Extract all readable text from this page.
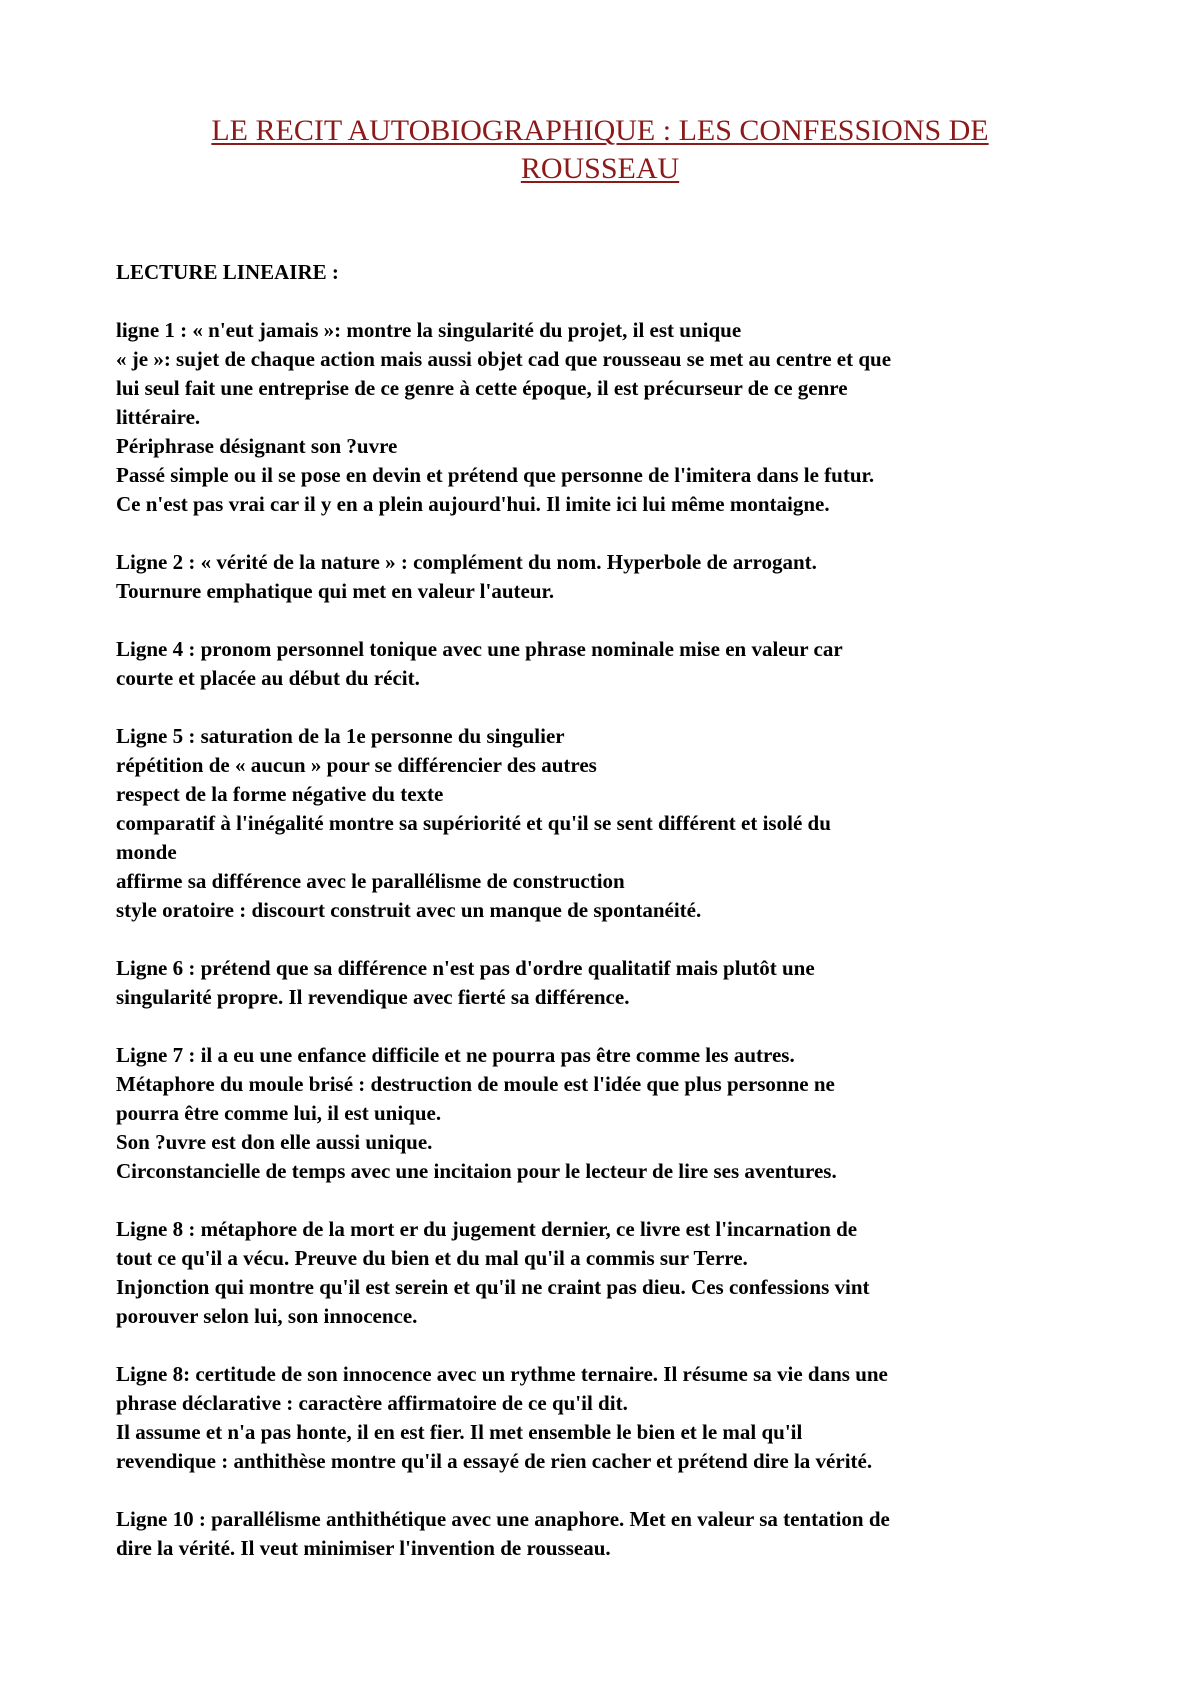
LE RECIT AUTOBIOGRAPHIQUE : LES CONFESSIONS DE
ROUSSEAU
LECTURE LINEAIRE :
ligne 1 : « n'eut jamais »: montre la singularité du projet, il est unique
« je »: sujet de chaque action mais aussi objet cad que rousseau se met au centre et que
lui seul fait une entreprise de ce genre à cette époque, il est précurseur de ce genre
littéraire.
Périphrase désignant son ?uvre
Passé simple ou il se pose en devin et prétend que personne de l'imitera dans le futur.
Ce n'est pas vrai car il y en a plein aujourd'hui. Il imite ici lui même montaigne.
Ligne 2 : « vérité de la nature » : complément du nom. Hyperbole de arrogant.
Tournure emphatique qui met en valeur l'auteur.
Ligne 4 : pronom personnel tonique avec une phrase nominale mise en valeur car
courte et placée au début du récit.
Ligne 5 : saturation de la 1e personne du singulier
répétition de « aucun » pour se différencier des autres
respect de la forme négative du texte
comparatif à l'inégalité montre sa supériorité et qu'il se sent différent et isolé du
monde
affirme sa différence avec le parallélisme de construction
style oratoire : discourt construit avec un manque de spontanéité.
Ligne 6 : prétend que sa différence n'est pas d'ordre qualitatif mais plutôt une
singularité propre. Il revendique avec fierté sa différence.
Ligne 7 : il a eu une enfance difficile et ne pourra pas être comme les autres.
Métaphore du moule brisé : destruction de moule est l'idée que plus personne ne
pourra être comme lui, il est unique.
Son ?uvre est don elle aussi unique.
Circonstancielle de temps avec une incitaion pour le lecteur de lire ses aventures.
Ligne 8 : métaphore de la mort er du jugement dernier, ce livre est l'incarnation de
tout ce qu'il a vécu. Preuve du bien et du mal qu'il a commis sur Terre.
Injonction qui montre qu'il est serein et qu'il ne craint pas dieu. Ces confessions vint
porouver selon lui, son innocence.
Ligne 8: certitude de son innocence avec un rythme ternaire. Il résume sa vie dans une
phrase déclarative : caractère affirmatoire de ce qu'il dit.
Il assume et n'a pas honte, il en est fier. Il met ensemble le bien et le mal qu'il
revendique : anthithèse montre qu'il a essayé de rien cacher et prétend dire la vérité.
Ligne 10 : parallélisme anthithétique avec une anaphore. Met en valeur sa tentation de
dire la vérité. Il veut minimiser l'invention de rousseau.
